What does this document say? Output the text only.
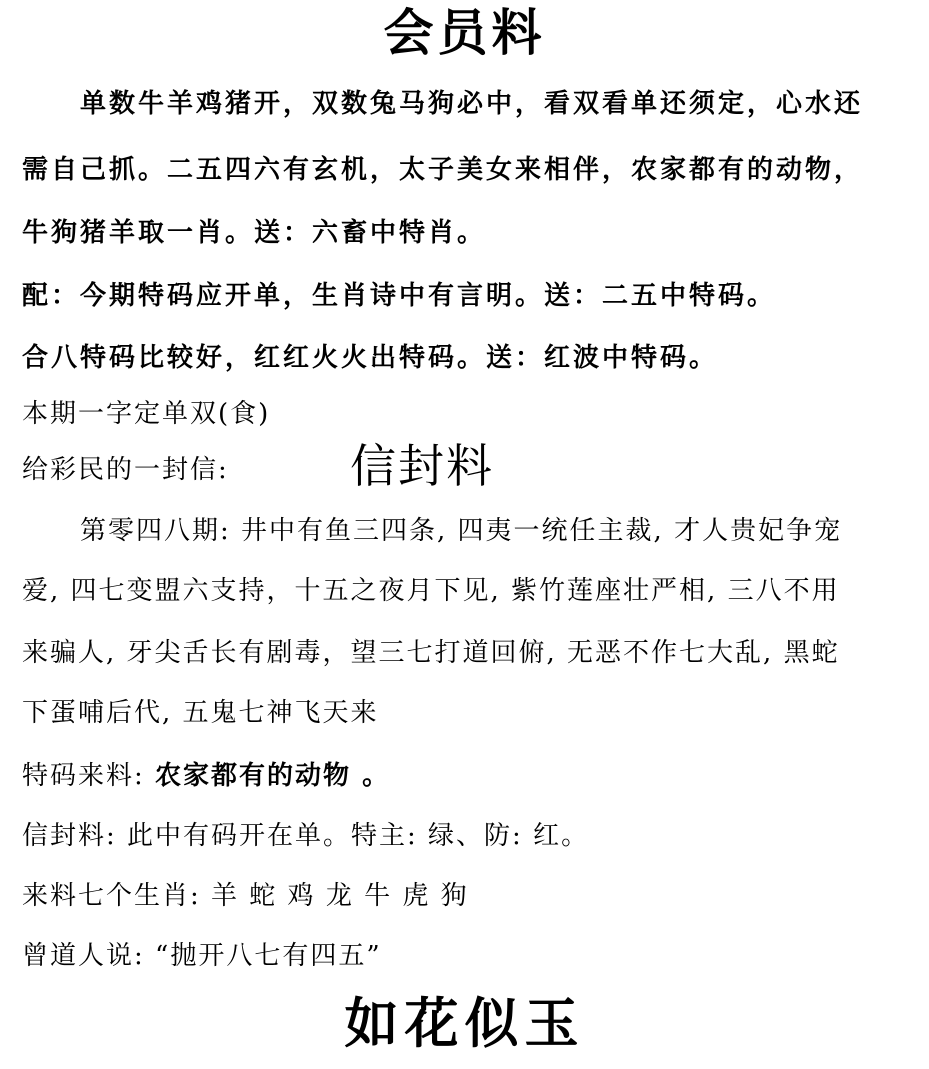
会员料
单数牛羊鸡猪开，双数兔马狗必中，看双看单还须定，心水还
需自己抓。二五四六有玄机，太子美女来相伴，农家都有的动物，
牛狗猪羊取一肖。送：六畜中特肖。
配：今期特码应开单，生肖诗中有言明。送：二五中特码。
合八特码比较好，红红火火出特码。送：红波中特码。
本期一字定单双(食)
给彩民的一封信:	信封料
第零四八期: 井中有鱼三四条, 四夷一统任主裁, 才人贵妃争宠
爱, 四七变盟六支持，十五之夜月下见, 紫竹莲座壮严相, 三八不用
来骗人, 牙尖舌长有剧毒，望三七打道回俯, 无恶不作七大乱, 黑蛇
下蛋哺后代, 五鬼七神飞天来
特码来料: 农家都有的动物 。
信封料: 此中有码开在单。特主: 绿、防: 红。
来料七个生肖: 羊 蛇 鸡 龙 牛 虎 狗
曾道人说: “抛开八七有四五”
如花似玉
